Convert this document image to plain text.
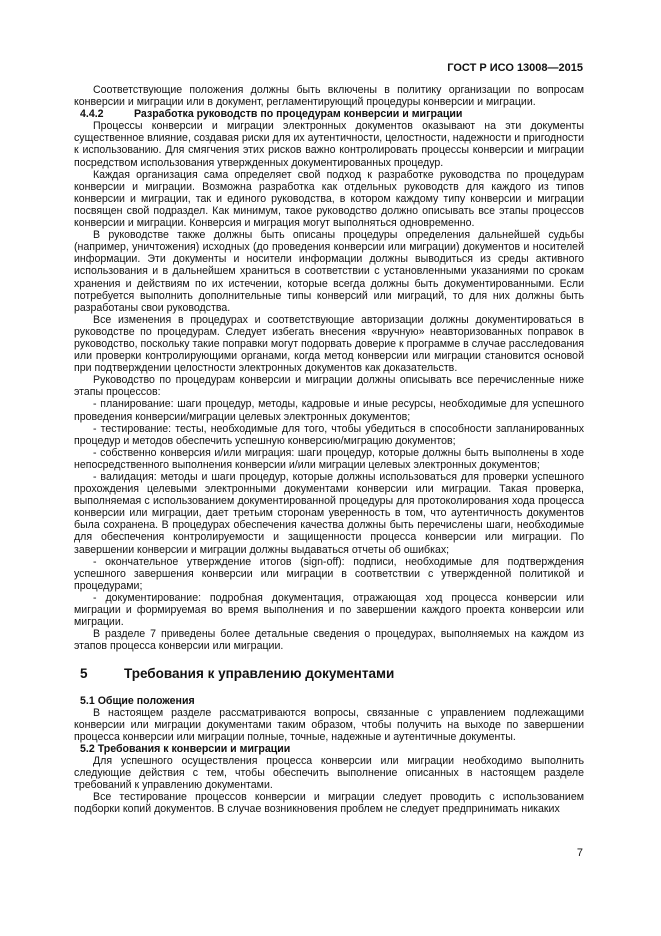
ГОСТ Р ИСО 13008—2015

Соответствующие положения должны быть включены в политику организации по вопросам конверсии и миграции или в документ, регламентирующий процедуры конверсии и миграции.

4.4.2	Разработка руководств по процедурам конверсии и миграции

Процессы конверсии и миграции электронных документов оказывают на эти документы существенное влияние, создавая риски для их аутентичности, целостности, надежности и пригодности к использованию. Для смягчения этих рисков важно контролировать процессы конверсии и миграции посредством использования утвержденных документированных процедур.

Каждая организация сама определяет свой подход к разработке руководства по процедурам конверсии и миграции. Возможна разработка как отдельных руководств для каждого из типов конверсии и миграции, так и единого руководства, в котором каждому типу конверсии и миграции посвящен свой подраздел. Как минимум, такое руководство должно описывать все этапы процессов конверсии и миграции. Конверсия и миграция могут выполняться одновременно.

В руководстве также должны быть описаны процедуры определения дальнейшей судьбы (например, уничтожения) исходных (до проведения конверсии или миграции) документов и носителей информации. Эти документы и носители информации должны выводиться из среды активного использования и в дальнейшем храниться в соответствии с установленными указаниями по срокам хранения и действиям по их истечении, которые всегда должны быть документированными. Если потребуется выполнить дополнительные типы конверсий или миграций, то для них должны быть разработаны свои руководства.

Все изменения в процедурах и соответствующие авторизации должны документироваться в руководстве по процедурам. Следует избегать внесения «вручную» неавторизованных поправок в руководство, поскольку такие поправки могут подорвать доверие к программе в случае расследования или проверки контролирующими органами, когда метод конверсии или миграции становится основой при подтверждении целостности электронных документов как доказательств.

Руководство по процедурам конверсии и миграции должны описывать все перечисленные ниже этапы процессов:

- планирование: шаги процедур, методы, кадровые и иные ресурсы, необходимые для успешного проведения конверсии/миграции целевых электронных документов;

- тестирование: тесты, необходимые для того, чтобы убедиться в способности запланированных процедур и методов обеспечить успешную конверсию/миграцию документов;

- собственно конверсия и/или миграция: шаги процедур, которые должны быть выполнены в ходе непосредственного выполнения конверсии и/или миграции целевых электронных документов;

- валидация: методы и шаги процедур, которые должны использоваться для проверки успешного прохождения целевыми электронными документами конверсии или миграции. Такая проверка, выполняемая с использованием документированной процедуры для протоколирования хода процесса конверсии или миграции, дает третьим сторонам уверенность в том, что аутентичность документов была сохранена. В процедурах обеспечения качества должны быть перечислены шаги, необходимые для обеспечения контролируемости и защищенности процесса конверсии или миграции. По завершении конверсии и миграции должны выдаваться отчеты об ошибках;

- окончательное утверждение итогов (sign-off): подписи, необходимые для подтверждения успешного завершения конверсии или миграции в соответствии с утвержденной политикой и процедурами;

- документирование: подробная документация, отражающая ход процесса конверсии или миграции и формируемая во время выполнения и по завершении каждого проекта конверсии или миграции.

В разделе 7 приведены более детальные сведения о процедурах, выполняемых на каждом из этапов процесса конверсии или миграции.

5	Требования к управлению документами
5.1 Общие положения

В настоящем разделе рассматриваются вопросы, связанные с управлением подлежащими конверсии или миграции документами таким образом, чтобы получить на выходе по завершении процесса конверсии или миграции полные, точные, надежные и аутентичные документы.

5.2 Требования к конверсии и миграции

Для успешного осуществления процесса конверсии или миграции необходимо выполнить следующие действия с тем, чтобы обеспечить выполнение описанных в настоящем разделе требований к управлению документами.

Все тестирование процессов конверсии и миграции следует проводить с использованием подборки копий документов. В случае возникновения проблем не следует предпринимать никаких

7
